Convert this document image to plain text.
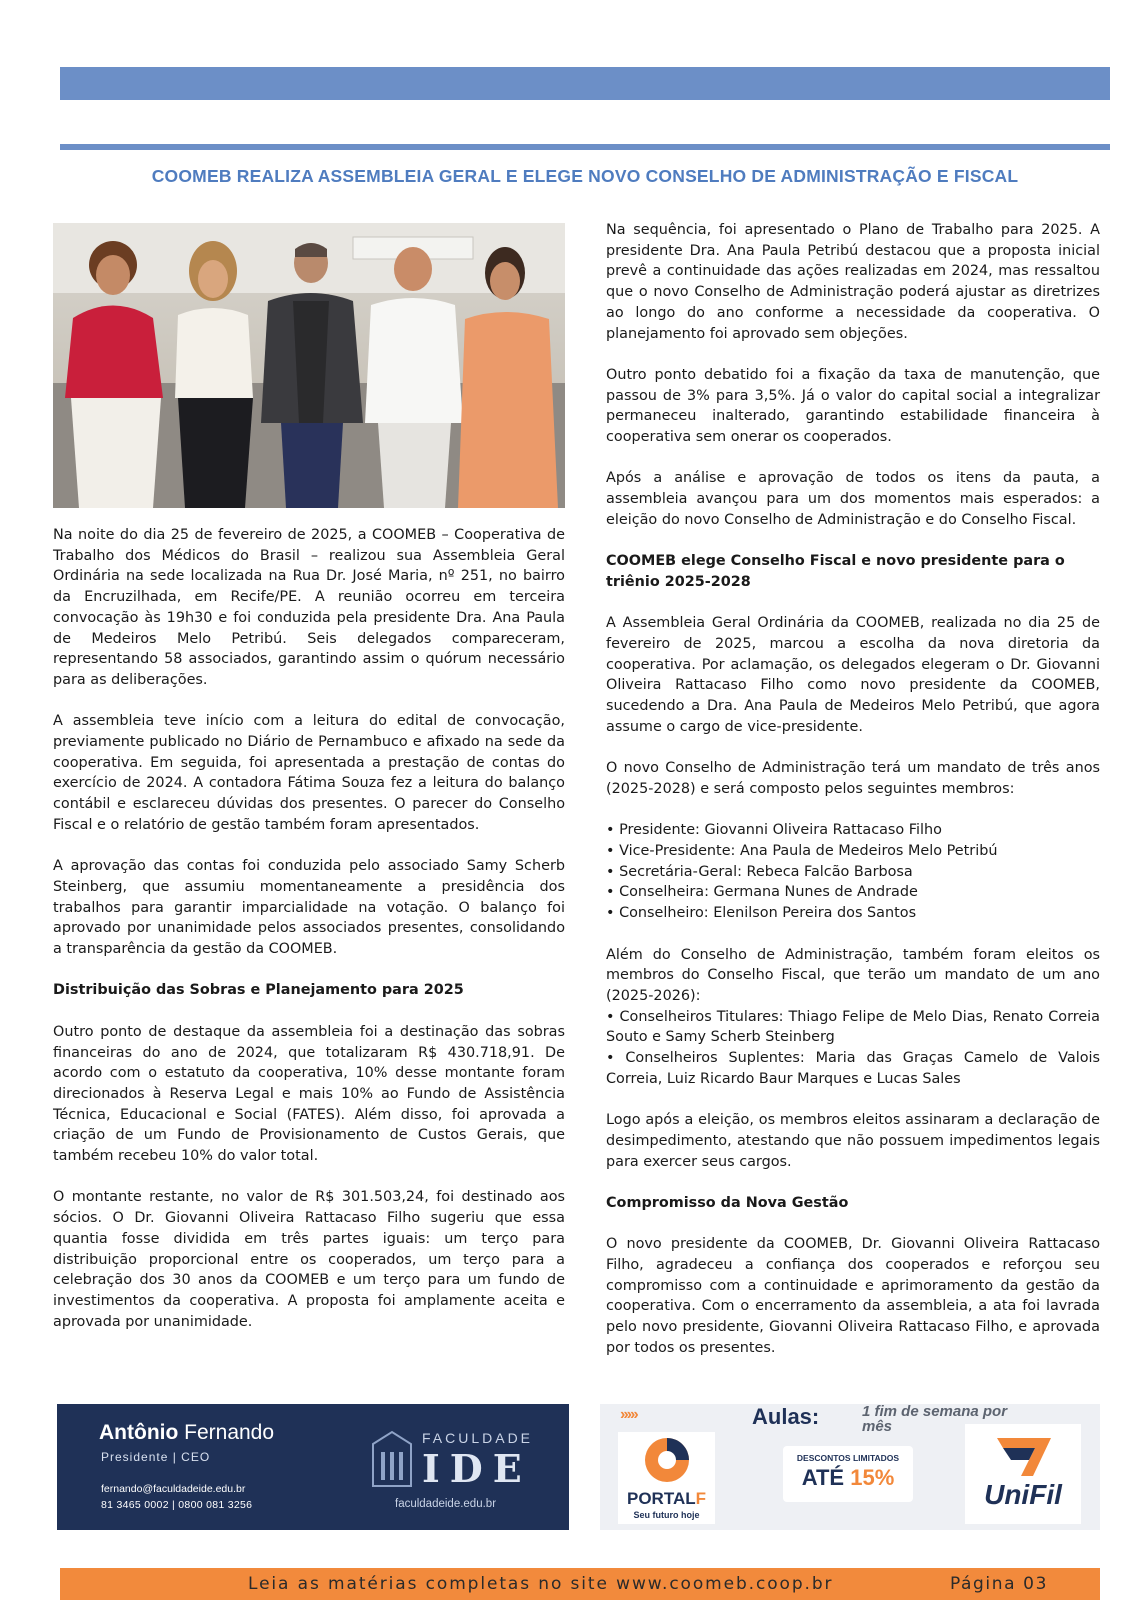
COOMEB REALIZA ASSEMBLEIA GERAL E ELEGE NOVO CONSELHO DE ADMINISTRAÇÃO E FISCAL

Na noite do dia 25 de fevereiro de 2025, a COOMEB – Cooperativa de Trabalho dos Médicos do Brasil – realizou sua Assembleia Geral Ordinária na sede localizada na Rua Dr. José Maria, nº 251, no bairro da Encruzilhada, em Recife/PE. A reunião ocorreu em terceira convocação às 19h30 e foi conduzida pela presidente Dra. Ana Paula de Medeiros Melo Petribú. Seis delegados compareceram, representando 58 associados, garantindo assim o quórum necessário para as deliberações.

A assembleia teve início com a leitura do edital de convocação, previamente publicado no Diário de Pernambuco e afixado na sede da cooperativa. Em seguida, foi apresentada a prestação de contas do exercício de 2024. A contadora Fátima Souza fez a leitura do balanço contábil e esclareceu dúvidas dos presentes. O parecer do Conselho Fiscal e o relatório de gestão também foram apresentados.

A aprovação das contas foi conduzida pelo associado Samy Scherb Steinberg, que assumiu momentaneamente a presidência dos trabalhos para garantir imparcialidade na votação. O balanço foi aprovado por unanimidade pelos associados presentes, consolidando a transparência da gestão da COOMEB.

Distribuição das Sobras e Planejamento para 2025

Outro ponto de destaque da assembleia foi a destinação das sobras financeiras do ano de 2024, que totalizaram R$ 430.718,91. De acordo com o estatuto da cooperativa, 10% desse montante foram direcionados à Reserva Legal e mais 10% ao Fundo de Assistência Técnica, Educacional e Social (FATES). Além disso, foi aprovada a criação de um Fundo de Provisionamento de Custos Gerais, que também recebeu 10% do valor total.

O montante restante, no valor de R$ 301.503,24, foi destinado aos sócios. O Dr. Giovanni Oliveira Rattacaso Filho sugeriu que essa quantia fosse dividida em três partes iguais: um terço para distribuição proporcional entre os cooperados, um terço para a celebração dos 30 anos da COOMEB e um terço para um fundo de investimentos da cooperativa. A proposta foi amplamente aceita e aprovada por unanimidade.

Na sequência, foi apresentado o Plano de Trabalho para 2025. A presidente Dra. Ana Paula Petribú destacou que a proposta inicial prevê a continuidade das ações realizadas em 2024, mas ressaltou que o novo Conselho de Administração poderá ajustar as diretrizes ao longo do ano conforme a necessidade da cooperativa. O planejamento foi aprovado sem objeções.

Outro ponto debatido foi a fixação da taxa de manutenção, que passou de 3% para 3,5%. Já o valor do capital social a integralizar permaneceu inalterado, garantindo estabilidade financeira à cooperativa sem onerar os cooperados.

Após a análise e aprovação de todos os itens da pauta, a assembleia avançou para um dos momentos mais esperados: a eleição do novo Conselho de Administração e do Conselho Fiscal.

COOMEB elege Conselho Fiscal e novo presidente para o triênio 2025-2028

A Assembleia Geral Ordinária da COOMEB, realizada no dia 25 de fevereiro de 2025, marcou a escolha da nova diretoria da cooperativa. Por aclamação, os delegados elegeram o Dr. Giovanni Oliveira Rattacaso Filho como novo presidente da COOMEB, sucedendo a Dra. Ana Paula de Medeiros Melo Petribú, que agora assume o cargo de vice-presidente.

O novo Conselho de Administração terá um mandato de três anos (2025-2028) e será composto pelos seguintes membros:

• Presidente: Giovanni Oliveira Rattacaso Filho
• Vice-Presidente: Ana Paula de Medeiros Melo Petribú
• Secretária-Geral: Rebeca Falcão Barbosa
• Conselheira: Germana Nunes de Andrade
• Conselheiro: Elenilson Pereira dos Santos

Além do Conselho de Administração, também foram eleitos os membros do Conselho Fiscal, que terão um mandato de um ano (2025-2026):

• Conselheiros Titulares: Thiago Felipe de Melo Dias, Renato Correia Souto e Samy Scherb Steinberg

• Conselheiros Suplentes: Maria das Graças Camelo de Valois Correia, Luiz Ricardo Baur Marques e Lucas Sales

Logo após a eleição, os membros eleitos assinaram a declaração de desimpedimento, atestando que não possuem impedimentos legais para exercer seus cargos.

Compromisso da Nova Gestão

O novo presidente da COOMEB, Dr. Giovanni Oliveira Rattacaso Filho, agradeceu a confiança dos cooperados e reforçou seu compromisso com a continuidade e aprimoramento da gestão da cooperativa. Com o encerramento da assembleia, a ata foi lavrada pelo novo presidente, Giovanni Oliveira Rattacaso Filho, e aprovada por todos os presentes.

Antônio Fernando
Presidente | CEO
fernando@faculdadeide.edu.br
81 3465 0002 | 0800 081 3256
FACULDADE
IDE
faculdadeide.edu.br
›››››	Aulas:	1 fim de semana por mês
DESCONTOS LIMITADOS
ATÉ 15%
PORTALF
Seu futuro hoje
UniFil
Leia as matérias completas no site www.coomeb.coop.br	Página 03
